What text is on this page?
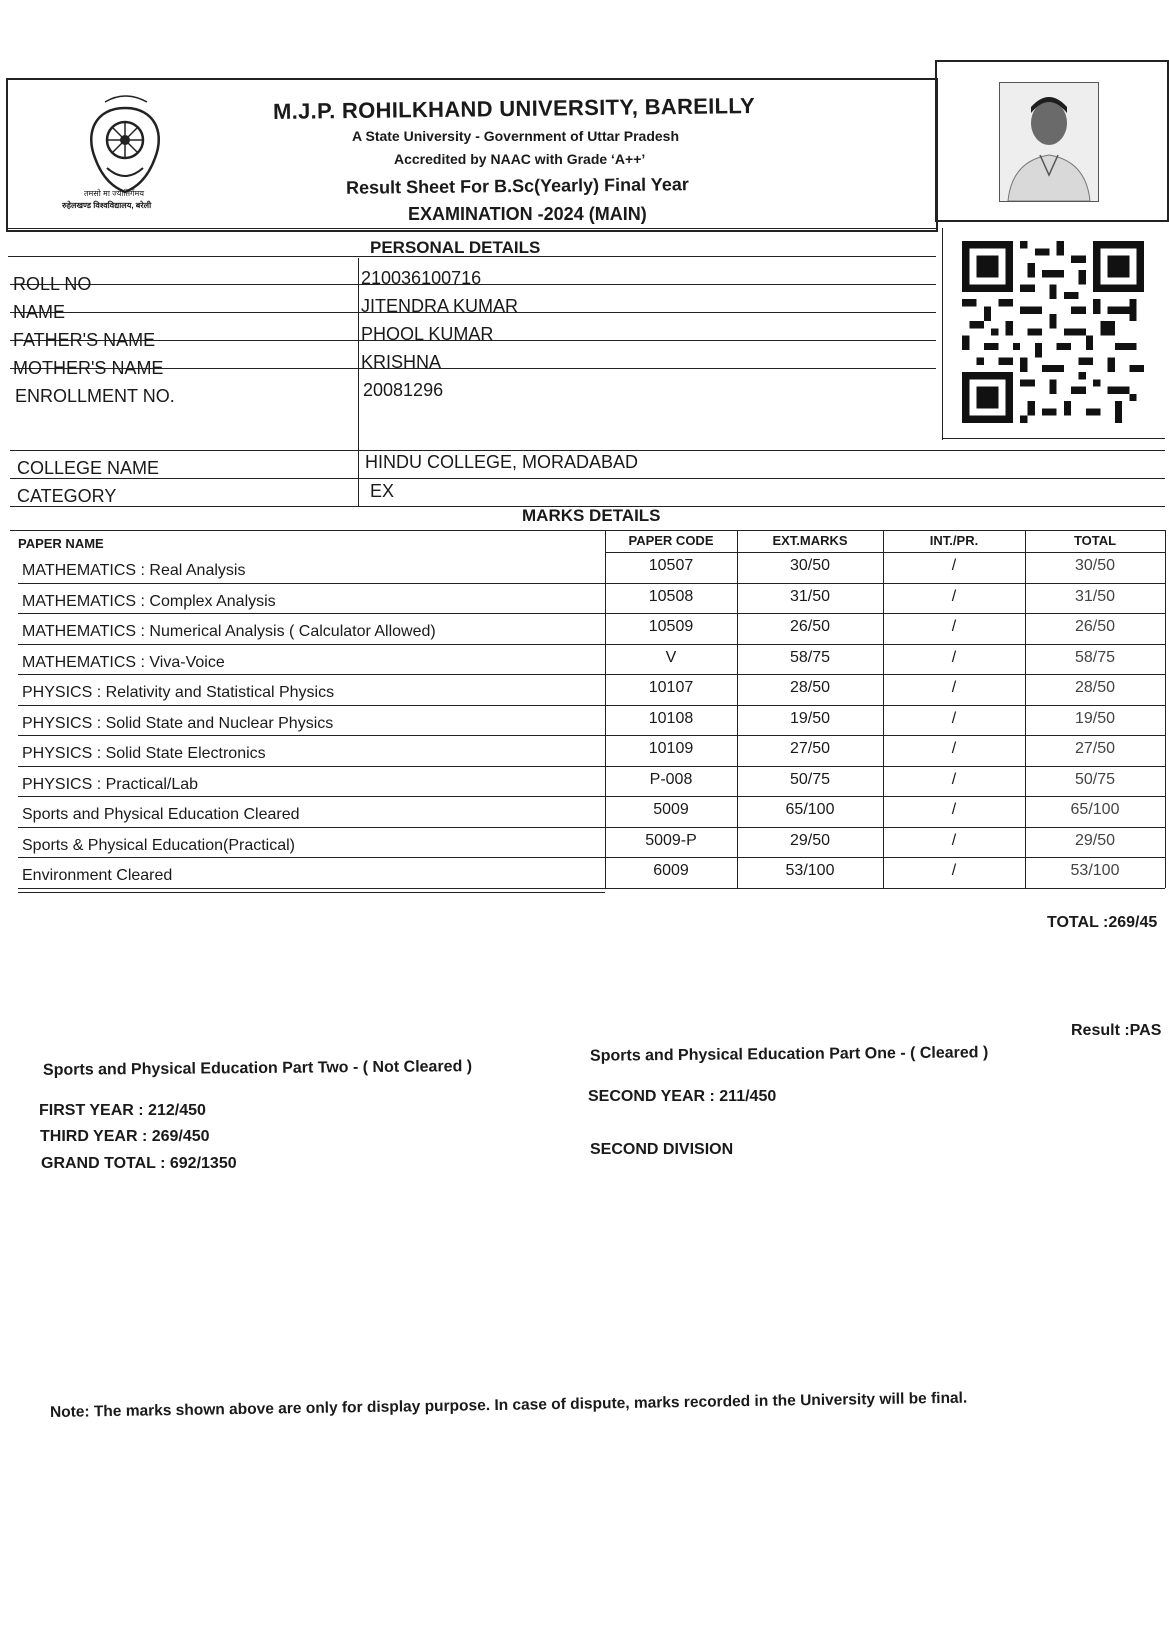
तमसो मा ज्योतिर्गमय
रुहेलखण्ड विश्वविद्यालय, बरेली
M.J.P. ROHILKHAND UNIVERSITY, BAREILLY
A State University - Government of Uttar Pradesh
Accredited by NAAC with Grade ‘A++’
Result Sheet For B.Sc(Yearly) Final Year
EXAMINATION -2024 (MAIN)
PERSONAL DETAILS
ROLL NO	210036100716
NAME	JITENDRA KUMAR
FATHER'S NAME	PHOOL KUMAR
MOTHER'S NAME	KRISHNA
ENROLLMENT NO.	20081296
COLLEGE NAME	HINDU COLLEGE, MORADABAD
CATEGORY	EX
MARKS DETAILS
PAPER NAME	PAPER CODE	EXT.MARKS	INT./PR.	TOTAL
MATHEMATICS : Real Analysis	10507	30/50	/	30/50
MATHEMATICS : Complex Analysis	10508	31/50	/	31/50
MATHEMATICS : Numerical Analysis ( Calculator Allowed)	10509	26/50	/	26/50
MATHEMATICS : Viva-Voice	V	58/75	/	58/75
PHYSICS : Relativity and Statistical Physics	10107	28/50	/	28/50
PHYSICS : Solid State and Nuclear Physics	10108	19/50	/	19/50
PHYSICS : Solid State Electronics	10109	27/50	/	27/50
PHYSICS : Practical/Lab	P-008	50/75	/	50/75
Sports and Physical Education Cleared	5009	65/100	/	65/100
Sports & Physical Education(Practical)	5009-P	29/50	/	29/50
Environment Cleared	6009	53/100	/	53/100
TOTAL :269/45
Result :PAS
Sports and Physical Education Part Two - ( Not Cleared )
Sports and Physical Education Part One - ( Cleared )
FIRST YEAR : 212/450
SECOND YEAR : 211/450
THIRD YEAR : 269/450
GRAND TOTAL : 692/1350
SECOND DIVISION
Note: The marks shown above are only for display purpose. In case of dispute, marks recorded in the University will be final.
